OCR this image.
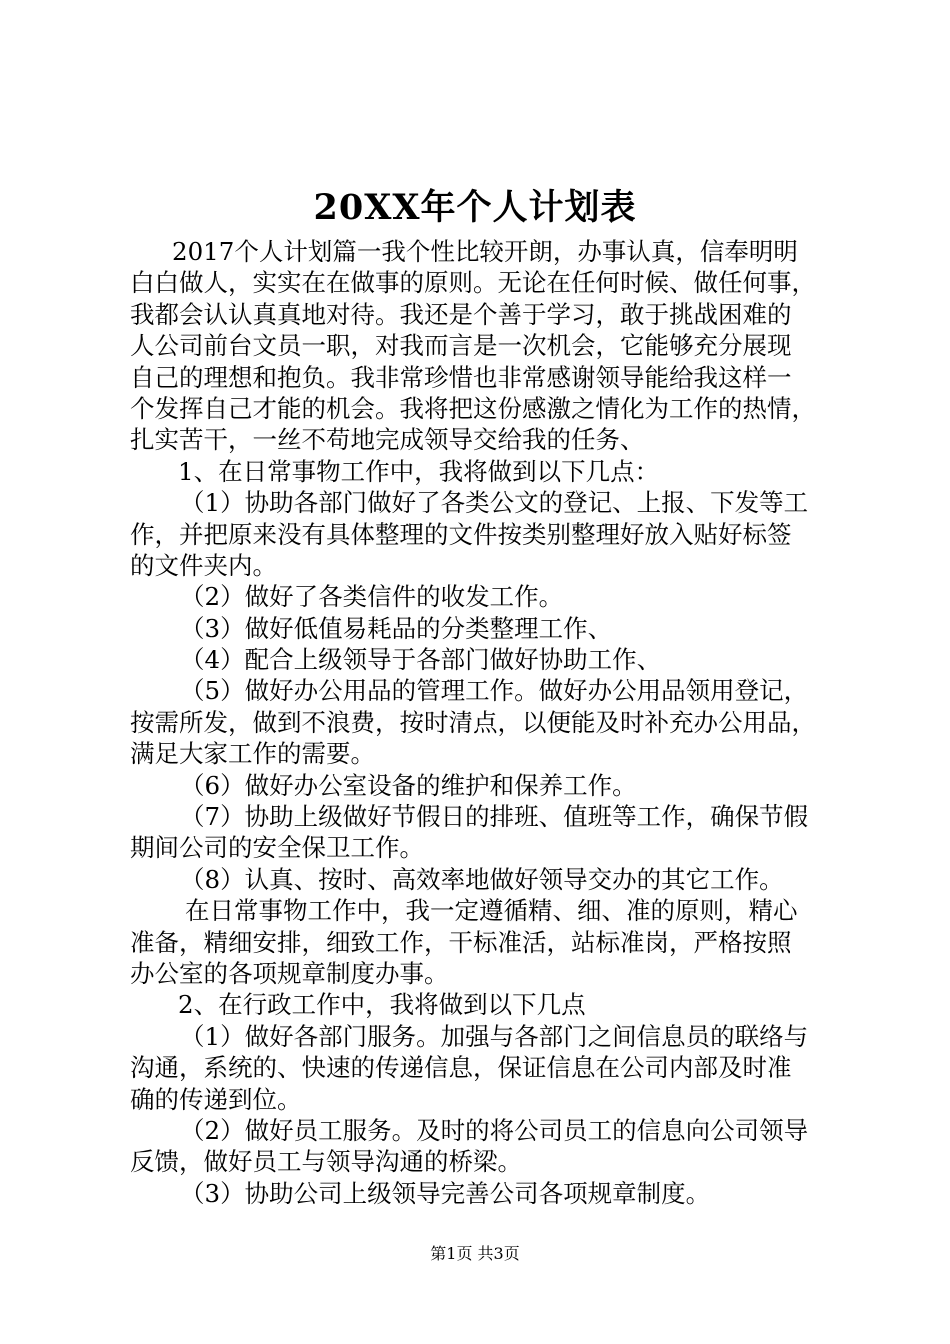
20XX年个人计划表
2017个人计划篇一我个性比较开朗，办事认真，信奉明明
白白做人，实实在在做事的原则。无论在任何时候、做任何事，
我都会认认真真地对待。我还是个善于学习，敢于挑战困难的
人公司前台文员一职，对我而言是一次机会，它能够充分展现
自己的理想和抱负。我非常珍惜也非常感谢领导能给我这样一
个发挥自己才能的机会。我将把这份感激之情化为工作的热情，
扎实苦干，一丝不苟地完成领导交给我的任务、
1、在日常事物工作中，我将做到以下几点：
（1）协助各部门做好了各类公文的登记、上报、下发等工
作，并把原来没有具体整理的文件按类别整理好放入贴好标签
的文件夹内。
（2）做好了各类信件的收发工作。
（3）做好低值易耗品的分类整理工作、
（4）配合上级领导于各部门做好协助工作、
（5）做好办公用品的管理工作。做好办公用品领用登记，
按需所发，做到不浪费，按时清点，以便能及时补充办公用品，
满足大家工作的需要。
（6）做好办公室设备的维护和保养工作。
（7）协助上级做好节假日的排班、值班等工作，确保节假
期间公司的安全保卫工作。
（8）认真、按时、高效率地做好领导交办的其它工作。
在日常事物工作中，我一定遵循精、细、准的原则，精心
准备，精细安排，细致工作，干标准活，站标准岗，严格按照
办公室的各项规章制度办事。
2、在行政工作中，我将做到以下几点
（1）做好各部门服务。加强与各部门之间信息员的联络与
沟通，系统的、快速的传递信息，保证信息在公司内部及时准
确的传递到位。
（2）做好员工服务。及时的将公司员工的信息向公司领导
反馈，做好员工与领导沟通的桥梁。
（3）协助公司上级领导完善公司各项规章制度。
第1页 共3页
